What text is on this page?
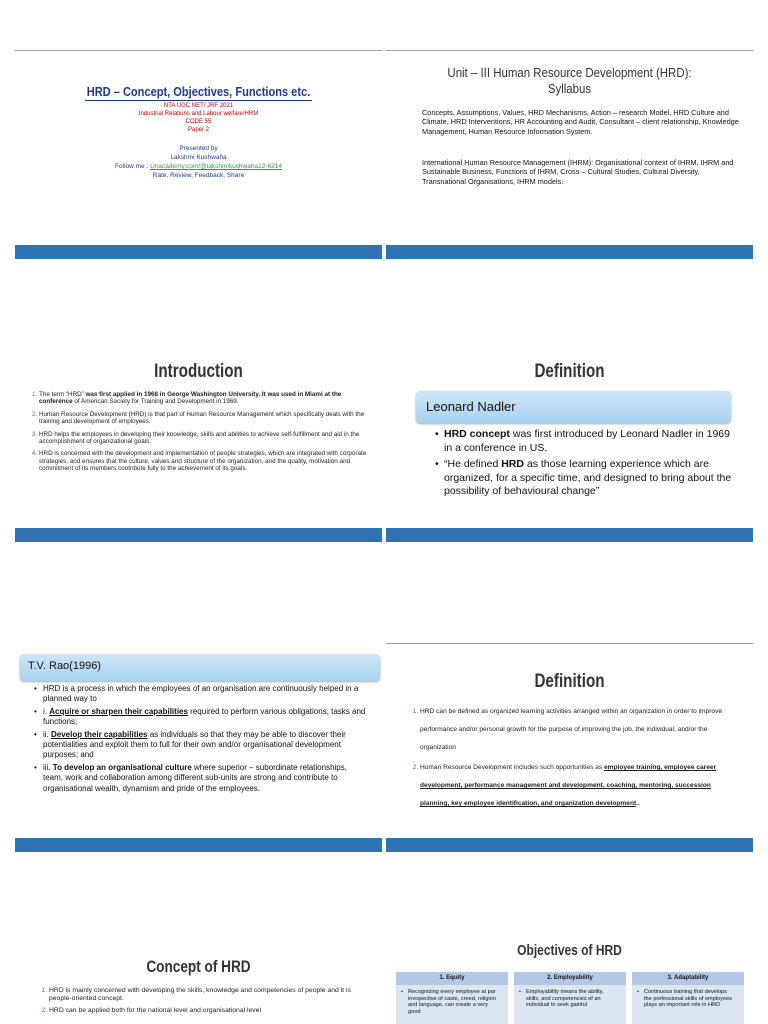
HRD – Concept, Objectives, Functions etc.
NTA UGC NET/ JRF 2021
Industrial Relations and Labour welfare/HRM
CODE 55
Paper 2
Presented by
Lakshmi Kushwaha
Follow me : Unacademy.com/@lakshmikushwaha12-6214
Rate, Review, Feedback, Share
Unit – III Human Resource Development (HRD):
Syllabus
Concepts, Assumptions, Values, HRD Mechanisms, Action – research Model, HRD Culture and Climate, HRD Interventions, HR Accounting and Audit, Consultant – client relationship, Knowledge Management, Human Resource Information System.
International Human Resource Management (IHRM): Organisational context of IHRM, IHRM and Sustainable Business, Functions of IHRM, Cross – Cultural Studies, Cultural Diversity, Transnational Organisations, IHRM models.
Introduction
1. The term “HRD” was first applied in 1968 in George Washington University. It was used in Miami at the conference of American Society for Training and Development in 1969.
2. Human Resource Development (HRD) is that part of Human Resource Management which specifically deals with the training and development of employees.
3. HRD helps the employees in developing their knowledge, skills and abilities to achieve self-fulfillment and aid in the accomplishment of organizational goals.
4. HRD is concerned with the development and implementation of people strategies, which are integrated with corporate strategies, and ensures that the culture, values and structure of the organization, and the quality, motivation and commitment of its members contribute fully to the achievement of its goals.
Definition
Leonard Nadler
• HRD concept was first introduced by Leonard Nadler in 1969 in a conference in US.
• “He defined HRD as those learning experience which are organized, for a specific time, and designed to bring about the possibility of behavioural change”
T.V. Rao(1996)
• HRD is a process in which the employees of an organisation are continuously helped in a planned way to
• i. Acquire or sharpen their capabilities required to perform various obligations, tasks and functions;
• ii. Develop their capabilities as individuals so that they may be able to discover their potentialities and exploit them to full for their own and/or organisational development purposes; and
• iii. To develop an organisational culture where superior – subordinate relationships, team, work and collaboration among different sub-units are strong and contribute to organisational wealth, dynamism and pride of the employees.
Definition
1. HRD can be defined as organized learning activities arranged within an organization in order to improve performance and/or personal growth for the purpose of improving the job, the individual, and/or the organization
2. Human Resource Development includes such opportunities as employee training, employee career development, performance management and development, coaching, mentoring, succession planning, key employee identification, and organization development..
Concept of HRD
1. HRD is mainly concerned with developing the skills, knowledge and competencies of people and it is people-oriented concept.
2. HRD can be applied both for the national level and organisational level
Objectives of HRD
1. Equity
Recognizing every employee at par irrespective of caste, creed, religion and language, can create a very good
•
2. Employability
Employability means the ability, skills, and competencies of an individual to seek gainful
•
3. Adaptability
Continuous training that develops the professional skills of employees plays an important role in HRD
•
